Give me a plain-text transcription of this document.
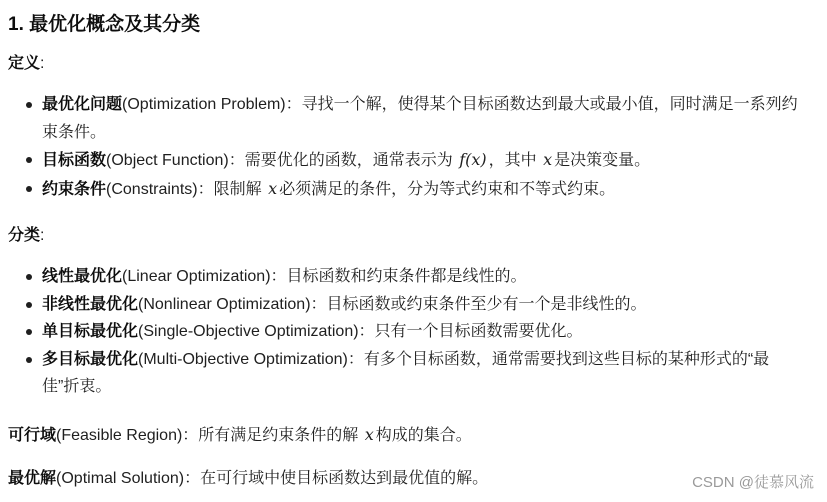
1. 最优化概念及其分类
定义:
最优化问题(Optimization Problem)：寻找一个解，使得某个目标函数达到最大或最小值，同时满足一系列约束条件。
目标函数(Object Function)：需要优化的函数，通常表示为 f(x) ，其中 x 是决策变量。
约束条件(Constraints)：限制解 x 必须满足的条件，分为等式约束和不等式约束。
分类:
线性最优化(Linear Optimization)：目标函数和约束条件都是线性的。
非线性最优化(Nonlinear Optimization)：目标函数或约束条件至少有一个是非线性的。
单目标最优化(Single-Objective Optimization)：只有一个目标函数需要优化。
多目标最优化(Multi-Objective Optimization)：有多个目标函数，通常需要找到这些目标的某种形式的“最佳”折衷。
可行域(Feasible Region)：所有满足约束条件的解 x 构成的集合。
最优解(Optimal Solution)：在可行域中使目标函数达到最优值的解。	CSDN @徒慕风流
